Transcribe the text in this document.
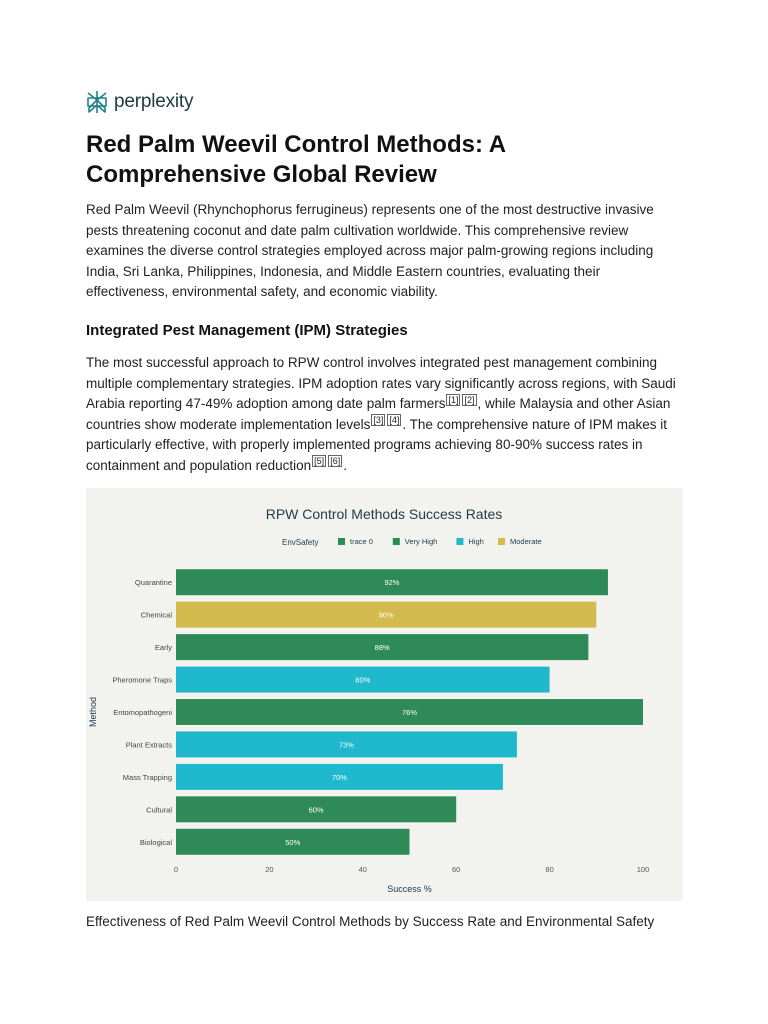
perplexity
Red Palm Weevil Control Methods: A Comprehensive Global Review

Red Palm Weevil (Rhynchophorus ferrugineus) represents one of the most destructive invasive pests threatening coconut and date palm cultivation worldwide. This comprehensive review examines the diverse control strategies employed across major palm-growing regions including India, Sri Lanka, Philippines, Indonesia, and Middle Eastern countries, evaluating their effectiveness, environmental safety, and economic viability.

Integrated Pest Management (IPM) Strategies

The most successful approach to RPW control involves integrated pest management combining multiple complementary strategies. IPM adoption rates vary significantly across regions, with Saudi Arabia reporting 47-49% adoption among date palm farmers [1] [2] , while Malaysia and other Asian countries show moderate implementation levels [3] [4] . The comprehensive nature of IPM makes it particularly effective, with properly implemented programs achieving 80-90% success rates in containment and population reduction [5] [6] .

RPW Control Methods Success Rates
EnvSafety	trace 0	Very High	High	Moderate
92%
Quarantine
90%
Chemical
88%
Early
80%
Pheromone Traps
76%
Entomopathogeni
73%
Plant Extracts
70%
Mass Trapping
60%
Cultural
50%
Biological
0	20	40	60	80	100
Success %
Method

Effectiveness of Red Palm Weevil Control Methods by Success Rate and Environmental Safety
